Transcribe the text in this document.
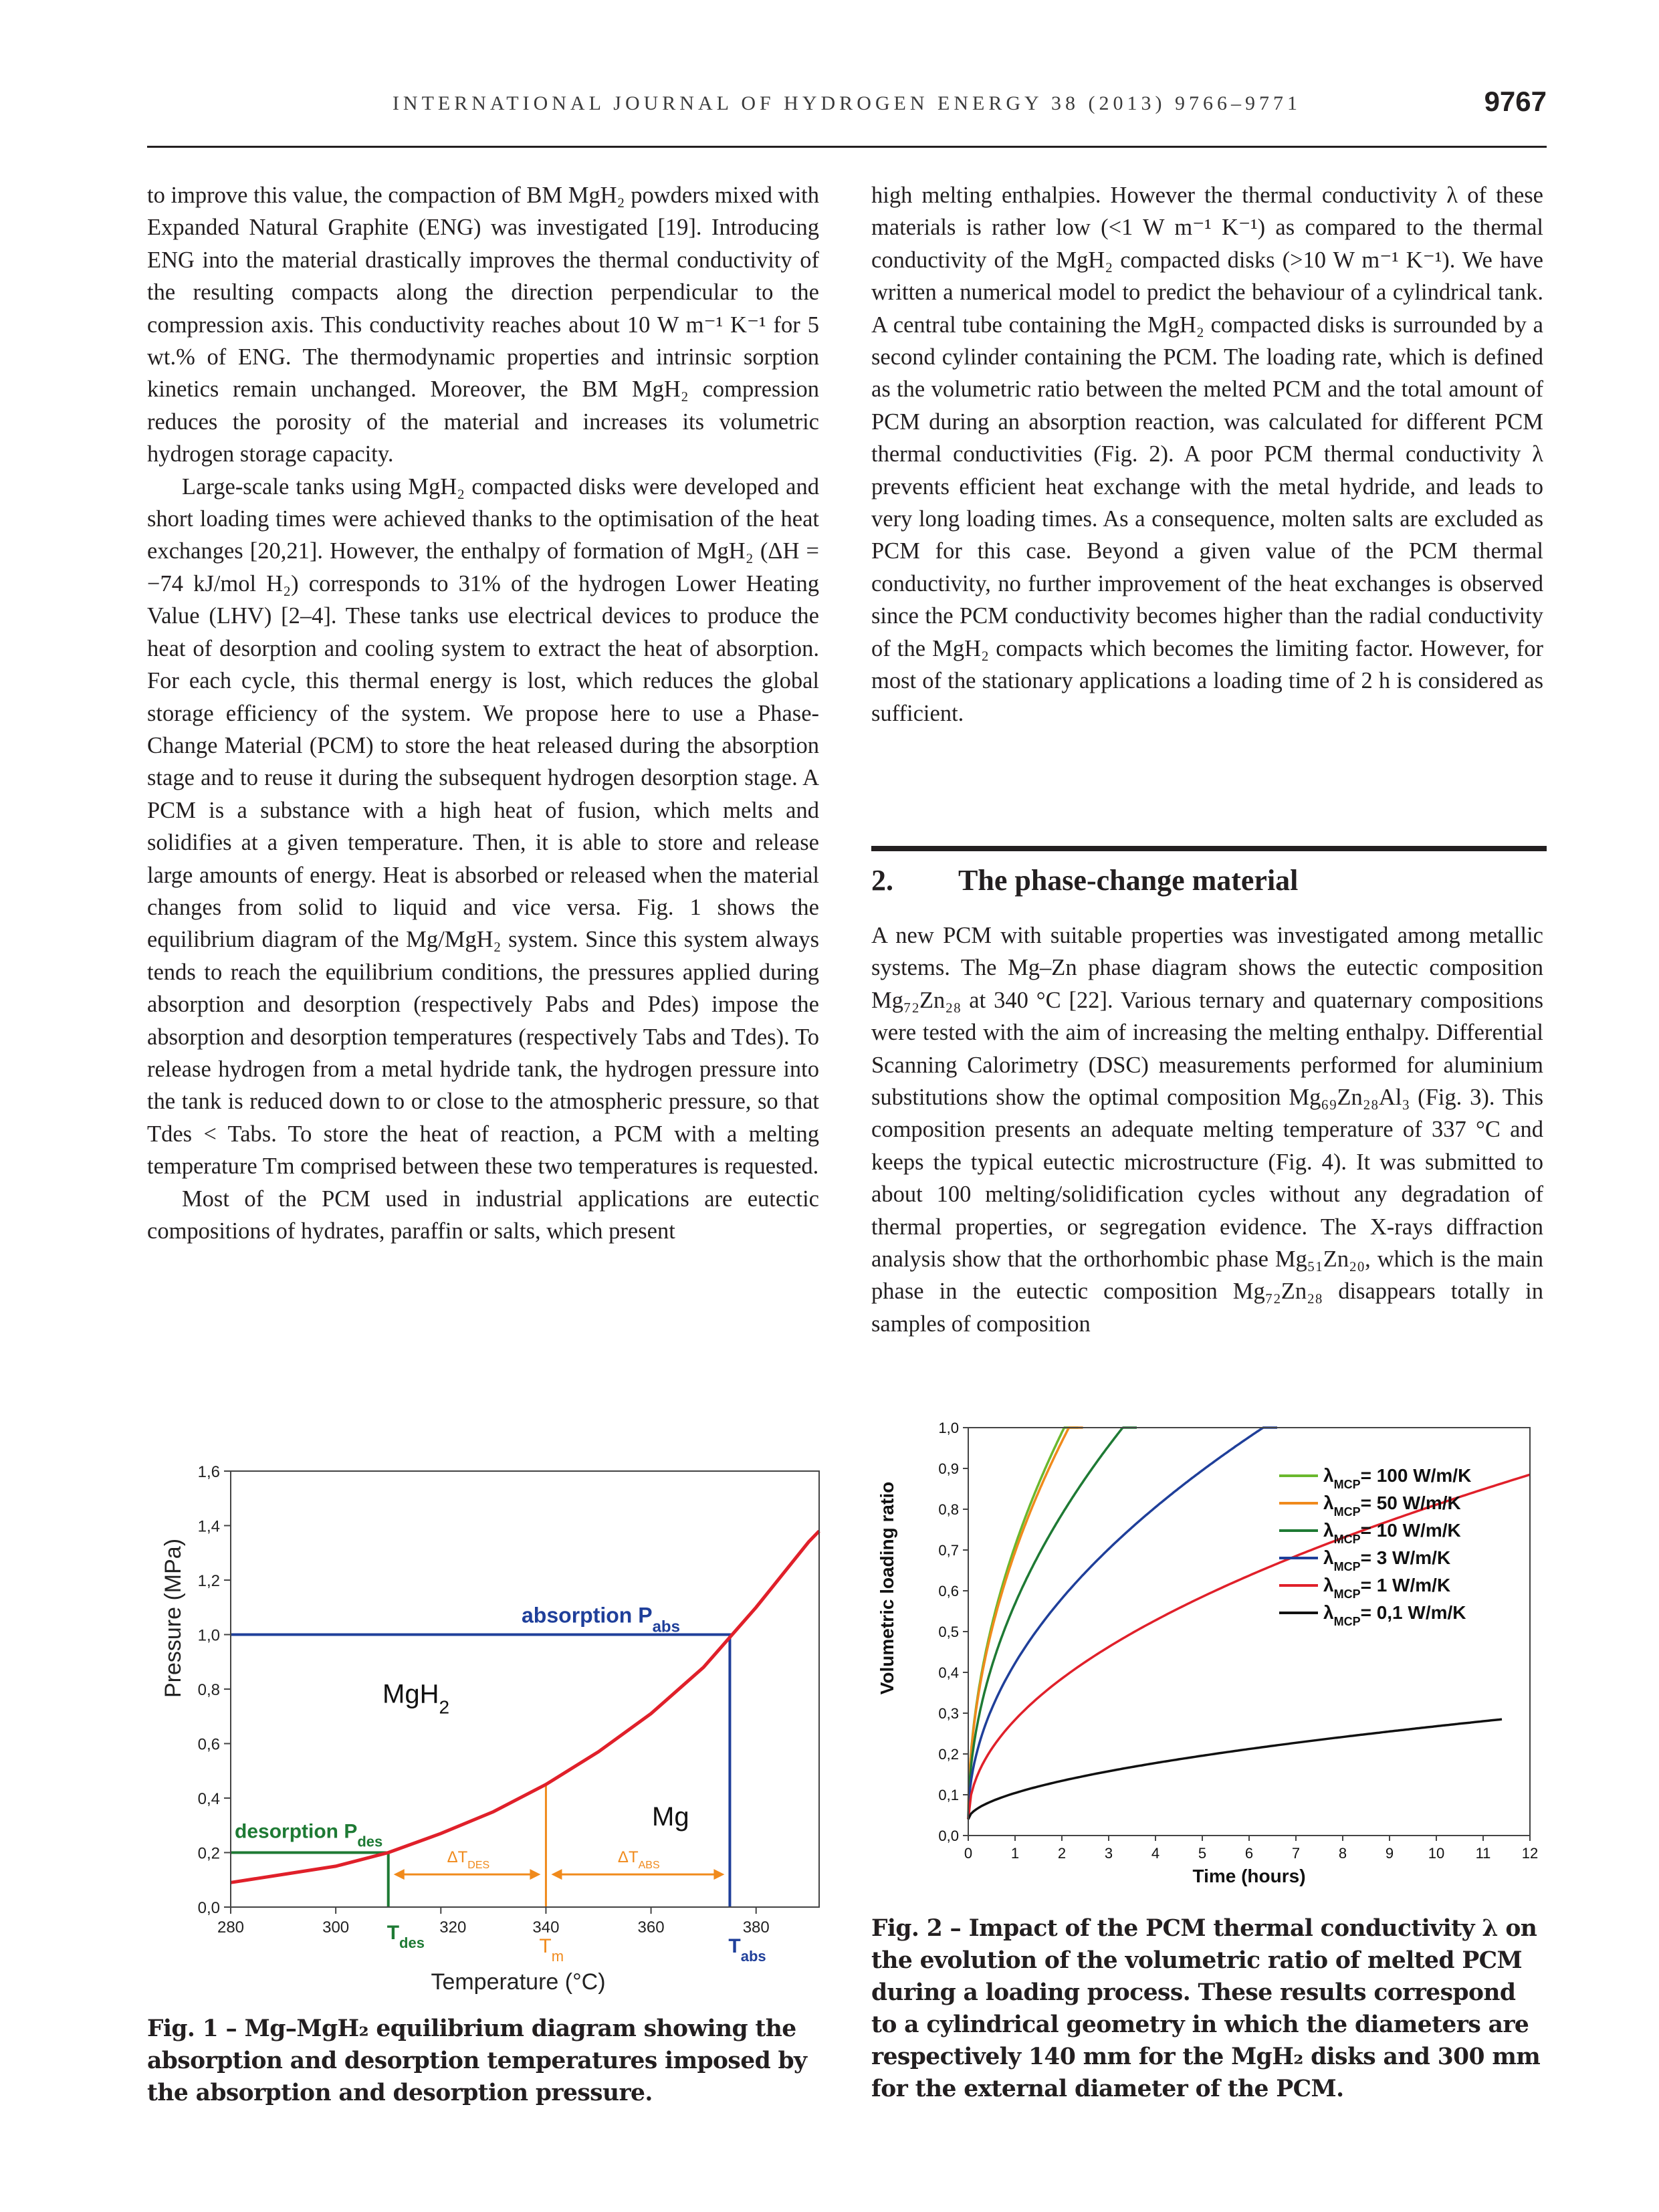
INTERNATIONAL JOURNAL OF HYDROGEN ENERGY 38 (2013) 9766–9771	9767

to improve this value, the compaction of BM MgH₂ powders mixed with Expanded Natural Graphite (ENG) was investigated [19]. Introducing ENG into the material drastically improves the thermal conductivity of the resulting compacts along the direction perpendicular to the compression axis. This conductivity reaches about 10 W m⁻¹ K⁻¹ for 5 wt.% of ENG. The thermodynamic properties and intrinsic sorption kinetics remain unchanged. Moreover, the BM MgH₂ compression reduces the porosity of the material and increases its volumetric hydrogen storage capacity.

Large-scale tanks using MgH₂ compacted disks were developed and short loading times were achieved thanks to the optimisation of the heat exchanges [20,21]. However, the enthalpy of formation of MgH₂ (ΔH = −74 kJ/mol H₂) corresponds to 31% of the hydrogen Lower Heating Value (LHV) [2–4]. These tanks use electrical devices to produce the heat of desorption and cooling system to extract the heat of absorption. For each cycle, this thermal energy is lost, which reduces the global storage efficiency of the system. We propose here to use a Phase-Change Material (PCM) to store the heat released during the absorption stage and to reuse it during the subsequent hydrogen desorption stage. A PCM is a substance with a high heat of fusion, which melts and solidifies at a given temperature. Then, it is able to store and release large amounts of energy. Heat is absorbed or released when the material changes from solid to liquid and vice versa. Fig. 1 shows the equilibrium diagram of the Mg/MgH₂ system. Since this system always tends to reach the equilibrium conditions, the pressures applied during absorption and desorption (respectively Pabs and Pdes) impose the absorption and desorption temperatures (respectively Tabs and Tdes). To release hydrogen from a metal hydride tank, the hydrogen pressure into the tank is reduced down to or close to the atmospheric pressure, so that Tdes < Tabs. To store the heat of reaction, a PCM with a melting temperature Tm comprised between these two temperatures is requested.

Most of the PCM used in industrial applications are eutectic compositions of hydrates, paraffin or salts, which present

high melting enthalpies. However the thermal conductivity λ of these materials is rather low (<1 W m⁻¹ K⁻¹) as compared to the thermal conductivity of the MgH₂ compacted disks (>10 W m⁻¹ K⁻¹). We have written a numerical model to predict the behaviour of a cylindrical tank. A central tube containing the MgH₂ compacted disks is surrounded by a second cylinder containing the PCM. The loading rate, which is defined as the volumetric ratio between the melted PCM and the total amount of PCM during an absorption reaction, was calculated for different PCM thermal conductivities (Fig. 2). A poor PCM thermal conductivity λ prevents efficient heat exchange with the metal hydride, and leads to very long loading times. As a consequence, molten salts are excluded as PCM for this case. Beyond a given value of the PCM thermal conductivity, no further improvement of the heat exchanges is observed since the PCM conductivity becomes higher than the radial conductivity of the MgH₂ compacts which becomes the limiting factor. However, for most of the stationary applications a loading time of 2 h is considered as sufficient.

2. The phase-change material

A new PCM with suitable properties was investigated among metallic systems. The Mg–Zn phase diagram shows the eutectic composition Mg₇₂Zn₂₈ at 340 °C [22]. Various ternary and quaternary compositions were tested with the aim of increasing the melting enthalpy. Differential Scanning Calorimetry (DSC) measurements performed for aluminium substitutions show the optimal composition Mg₆₉Zn₂₈Al₃ (Fig. 3). This composition presents an adequate melting temperature of 337 °C and keeps the typical eutectic microstructure (Fig. 4). It was submitted to about 100 melting/solidification cycles without any degradation of thermal properties, or segregation evidence. The X-rays diffraction analysis show that the orthorhombic phase Mg₅₁Zn₂₀, which is the main phase in the eutectic composition Mg₇₂Zn₂₈ disappears totally in samples of composition

$\Delta T_{DES}$	$\Delta T_{ABS}$
absorption $P_{abs}$
desorption $P_{des}$
MgH$_2$
Mg
$T_{des}$	$T_m$	$T_{abs}$
0,0
0,2
0,4
0,6
0,8
1,0
1,2
1,4
1,6
280	300	320	340	360	380
Pressure (MPa)
Temperature (°C)
0,0
0,1
0,2
0,3
0,4
0,5
0,6
0,7
0,8
0,9
1,0
0	1	2	3	4	5	6	7	8	9 10 11 12
$\lambda_{MCP}= 100$ W/m/K
$\lambda_{MCP}= 50$ W/m/K
$\lambda_{MCP}= 10$ W/m/K
$\lambda_{MCP}= 3$ W/m/K
$\lambda_{MCP}= 1$ W/m/K
$\lambda_{MCP}= 0,1$ W/m/K
Volumetric loading ratio
Time (hours)
Fig. 1 – Mg–MgH₂ equilibrium diagram showing the absorption and desorption temperatures imposed by the absorption and desorption pressure.
Fig. 2 – Impact of the PCM thermal conductivity λ on the evolution of the volumetric ratio of melted PCM during a loading process. These results correspond to a cylindrical geometry in which the diameters are respectively 140 mm for the MgH₂ disks and 300 mm for the external diameter of the PCM.
